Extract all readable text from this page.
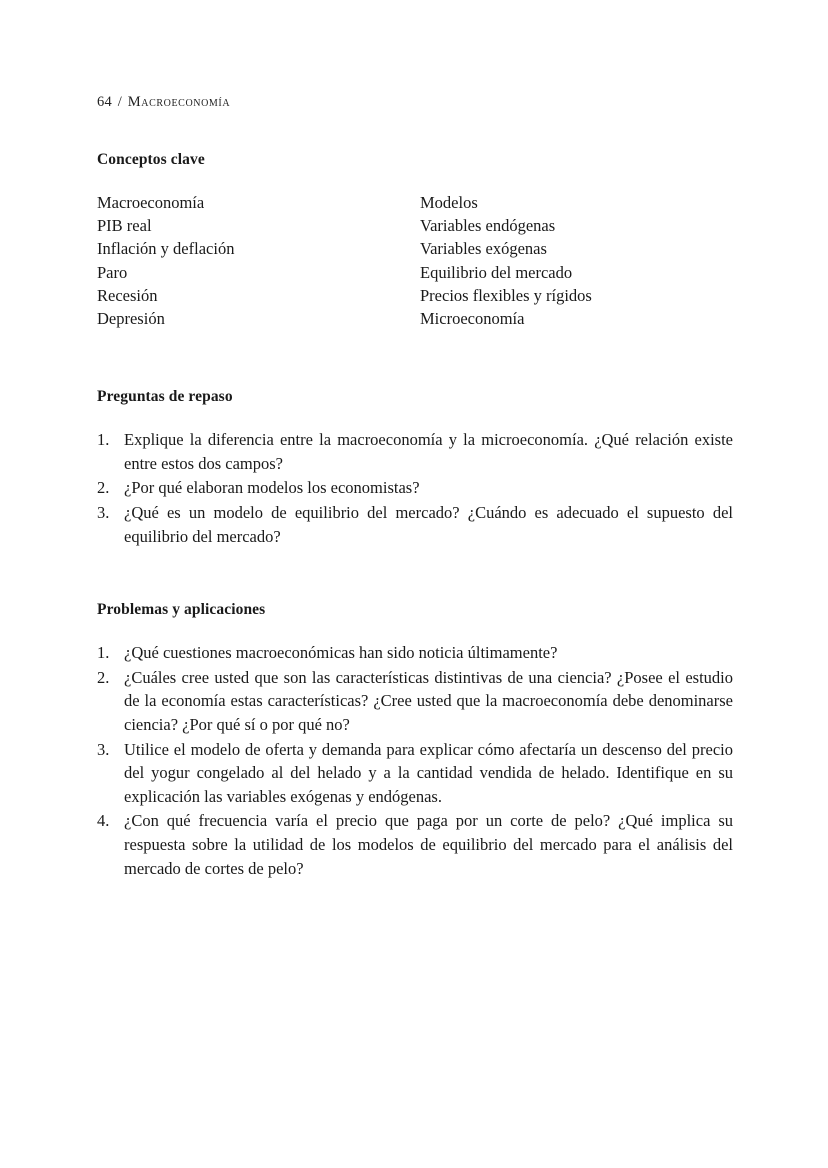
64 / Macroeconomía
Conceptos clave
Macroeconomía
PIB real
Inflación y deflación
Paro
Recesión
Depresión
Modelos
Variables endógenas
Variables exógenas
Equilibrio del mercado
Precios flexibles y rígidos
Microeconomía
Preguntas de repaso
1. Explique la diferencia entre la macroeconomía y la microeconomía. ¿Qué relación existe entre estos dos campos?
2. ¿Por qué elaboran modelos los economistas?
3. ¿Qué es un modelo de equilibrio del mercado? ¿Cuándo es adecuado el supuesto del equilibrio del mercado?
Problemas y aplicaciones
1. ¿Qué cuestiones macroeconómicas han sido noticia últimamente?
2. ¿Cuáles cree usted que son las características distintivas de una ciencia? ¿Posee el estudio de la economía estas características? ¿Cree usted que la macroeconomía debe denominarse ciencia? ¿Por qué sí o por qué no?
3. Utilice el modelo de oferta y demanda para explicar cómo afectaría un descenso del precio del yogur congelado al del helado y a la cantidad vendida de helado. Identifique en su explicación las variables exógenas y endógenas.
4. ¿Con qué frecuencia varía el precio que paga por un corte de pelo? ¿Qué implica su respuesta sobre la utilidad de los modelos de equilibrio del mercado para el análisis del mercado de cortes de pelo?
